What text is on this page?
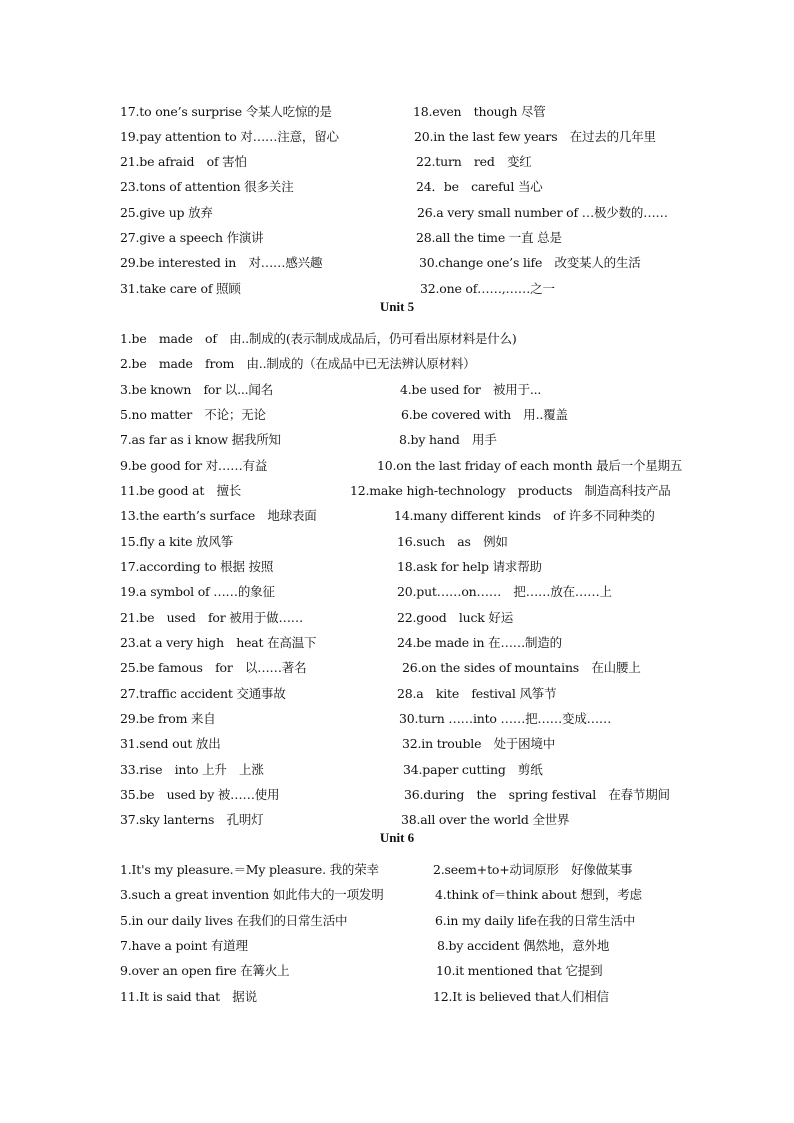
17.to one’s surprise 令某人吃惊的是	18.even　though 尽管
19.pay attention to 对……注意，留心	20.in the last few years　在过去的几年里
21.be afraid　of 害怕	22.turn　red　变红
23.tons of attention 很多关注	24．be　careful 当心
25.give up 放弃	26.a very small number of …极少数的……
27.give a speech 作演讲	28.all the time 一直 总是
29.be interested in　对……感兴趣	30.change one’s life　改变某人的生活
31.take care of 照顾	32.one of……,……之一
Unit 5
1.be　made　of　由..制成的(表示制成成品后，仍可看出原材料是什么)
2.be　made　from　由..制成的（在成品中已无法辨认原材料）
3.be known　for 以...闻名	4.be used for　被用于...
5.no matter　不论；无论	6.be covered with　用..覆盖
7.as far as i know 据我所知	8.by hand　用手
9.be good for 对……有益	10.on the last friday of each month 最后一个星期五
11.be good at　擅长	12.make high-technology　products　制造高科技产品
13.the earth’s surface　地球表面	14.many different kinds　of 许多不同种类的
15.fly a kite 放风筝	16.such　as　例如
17.according to 根据 按照	18.ask for help 请求帮助
19.a symbol of ……的象征	20.put……on……　把……放在……上
21.be　used　for 被用于做……	22.good　luck 好运
23.at a very high　heat 在高温下	24.be made in 在……制造的
25.be famous　for　以……著名	26.on the sides of mountains　在山腰上
27.traffic accident 交通事故	28.a　kite　festival 风筝节
29.be from 来自	30.turn ……into ……把……变成……
31.send out 放出	32.in trouble　处于困境中
33.rise　into 上升　上涨	34.paper cutting　剪纸
35.be　used by 被……使用	36.during　the　spring festival　在春节期间
37.sky lanterns　孔明灯	38.all over the world 全世界
Unit 6
1.It's my pleasure.＝My pleasure. 我的荣幸	2.seem+to+动词原形　好像做某事
3.such a great invention 如此伟大的一项发明	4.think of＝think about 想到，考虑
5.in our daily lives 在我们的日常生活中	6.in my daily life在我的日常生活中
7.have a point 有道理	8.by accident 偶然地，意外地
9.over an open fire 在篝火上	10.it mentioned that 它提到
11.It is said that　据说	12.It is believed that人们相信
